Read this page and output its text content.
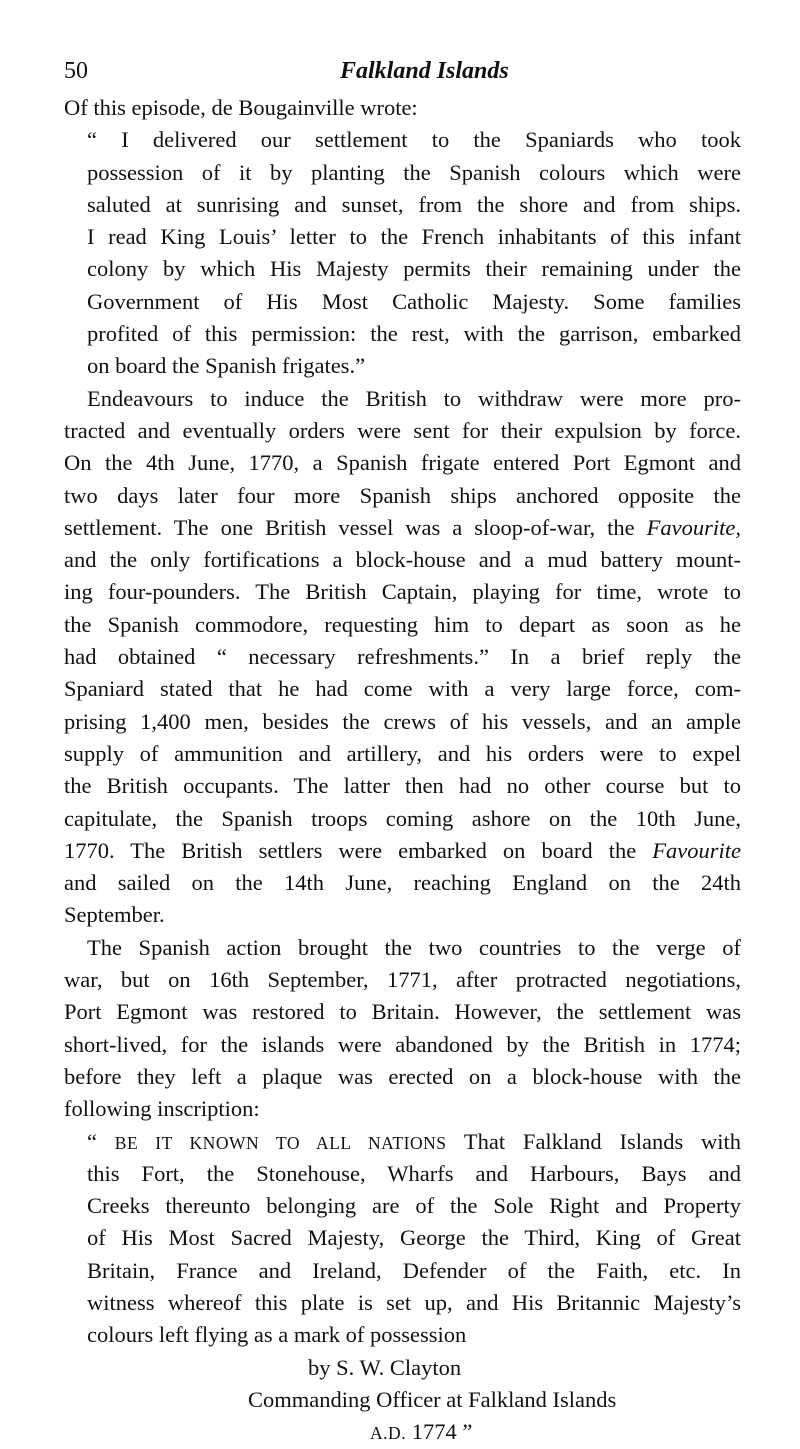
50	Falkland Islands
Of this episode, de Bougainville wrote:
“ I delivered our settlement to the Spaniards who took
possession of it by planting the Spanish colours which were
saluted at sunrising and sunset, from the shore and from ships.
I read King Louis’ letter to the French inhabitants of this infant
colony by which His Majesty permits their remaining under the
Government of His Most Catholic Majesty. Some families
profited of this permission: the rest, with the garrison, embarked
on board the Spanish frigates.”
Endeavours to induce the British to withdraw were more pro-
tracted and eventually orders were sent for their expulsion by force.
On the 4th June, 1770, a Spanish frigate entered Port Egmont and
two days later four more Spanish ships anchored opposite the
settlement. The one British vessel was a sloop-of-war, the Favourite,
and the only fortifications a block-house and a mud battery mount-
ing four-pounders. The British Captain, playing for time, wrote to
the Spanish commodore, requesting him to depart as soon as he
had obtained “ necessary refreshments.” In a brief reply the
Spaniard stated that he had come with a very large force, com-
prising 1,400 men, besides the crews of his vessels, and an ample
supply of ammunition and artillery, and his orders were to expel
the British occupants. The latter then had no other course but to
capitulate, the Spanish troops coming ashore on the 10th June,
1770. The British settlers were embarked on board the Favourite
and sailed on the 14th June, reaching England on the 24th
September.
The Spanish action brought the two countries to the verge of
war, but on 16th September, 1771, after protracted negotiations,
Port Egmont was restored to Britain. However, the settlement was
short-lived, for the islands were abandoned by the British in 1774;
before they left a plaque was erected on a block-house with the
following inscription:
“ BE IT KNOWN TO ALL NATIONS That Falkland Islands with
this Fort, the Stonehouse, Wharfs and Harbours, Bays and
Creeks thereunto belonging are of the Sole Right and Property
of His Most Sacred Majesty, George the Third, King of Great
Britain, France and Ireland, Defender of the Faith, etc. In
witness whereof this plate is set up, and His Britannic Majesty’s
colours left flying as a mark of possession
by S. W. Clayton
Commanding Officer at Falkland Islands
A.D. 1774 ”
